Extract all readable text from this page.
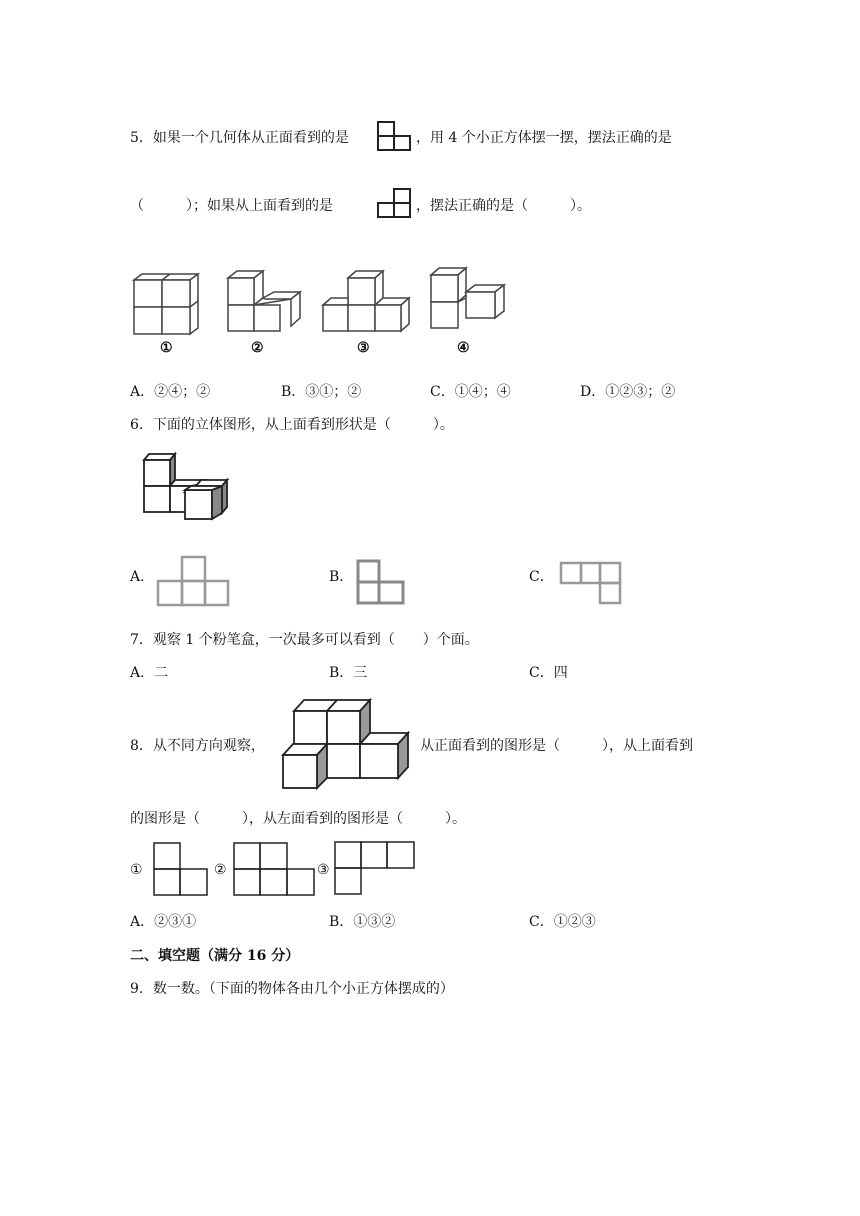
5．如果一个几何体从正面看到的是	，用 4 个小正方体摆一摆，摆法正确的是
（　　　）；如果从上面看到的是	，摆法正确的是（　　　）。
①	②	③	④
A．②④；②	B．③①；②	C．①④；④	D．①②③；②
6．下面的立体图形，从上面看到形状是（　　　）。
A．	B．	C．
7．观察 1 个粉笔盒，一次最多可以看到（　　）个面。
A．二	B．三	C．四
8．从不同方向观察，	从正面看到的图形是（　　　），从上面看到
的图形是（　　　），从左面看到的图形是（　　　）。
①	②	③
A．②③①	B．①③②	C．①②③
二、填空题（满分 16 分）
9．数一数。（下面的物体各由几个小正方体摆成的）
